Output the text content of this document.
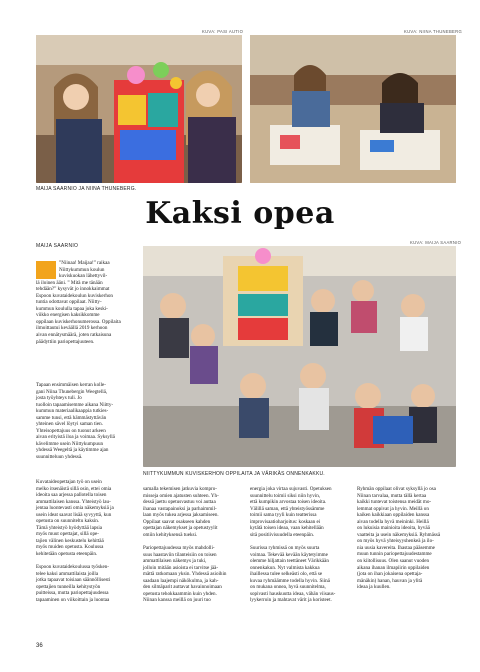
KUVA: PASI AUTIO
MAIJA SAARNIO JA NIINA THUNEBERG.
KUVA: NIINA THUNEBERG
Kaksi opea
MAIJA SAARNIO
KUVA: MAIJA SAARNIO
NIITTYKUMMUN KUVISKERHON OPPILAITA JA VÄRIKÄS ONNENKAKKU.

”Niinaa! Maijaa!” raikaa
Niittykummun koulun
kuviskuokan lähettyvil-
lä iloinen ääni. ” Mitä me tänään
tehdään?” kysyvät jo innokkaimmat
Espoon kuvataidekoulun kuviskerhon
tuntia odottavat oppilaat. Niitty-
kummun koululla tapaa joka keski-
viikko energisen kaksikkomme
oppilaan kuviskerhonumerossa. Oppilaita
ilmoittautui keväällä 2019 kerhoon
aivan ennätysmäärä, joten ratkaisuna
päädyttiin pariopettajuuteen.

Tapaan ensimmäisen kerran kolle-
gani Niina Thunebergin Weegtellä,
josta työyhteys tuli. Jo
tuolloin tapaamisemme aikana Niitty-
kummun materiaalikaappia tutkies-
samme tunsi, että hämmästyttävän
yhteinen sävel löytyi saman tien.
Yhteisopettajuus on tuonut arkeen
aivan erityistä iloa ja voimaa. Syksyllä
kävelimme usein Niittykumpuun
yhdessä Weegeltä ja käytimme ajan
suunnitteluun yhdessä.

Kuvataideopettajan työ on usein
melko itsenäistä sillä osin, ettei omia
ideoita saa arjessa pallotella toisen
ammattilaisen kanssa. Yhteistyö lau-
jentaa luontevasti omia näkemyksiä ja
usein ideat saavat lisää syvyyttä, kun
opetusta on suunniteltu kaksin.
Tämä yhteistyö hyödyttää lapsia
myös muut opettajat, sillä ope-
tajien välinen keskustelu kehittää
myös muiden opetusta. Koulussa
kehitetään opetusta eteenpäin.

Espoon kuvataidekoulussa työsken-
telee kaksi ammattilaista joilla
jotka tapaavat toisiaan säännöllisesti
opettajien tunneilla kehitystyön
puitteissa, mutta pariopettajuudessa
tapaaminen on viikoittain ja luontaa

samalla tekemisen jatkuvia kompro-
misseja omien ajatusten suhteen. Yh-
dessä jaettu opetusvastuu voi auttaa
ihanaa vastapainoksi ja parhaimmil-
laan myös tukea arjessa jaksamiseen.
Oppilaat saavat osakseen kahden
opettajan näkemykset ja opetustyylit
omiin kehityksensä tueksi.

Pariopettajuudessa myös mahdolli-
suus haastaviin tilanteisiin on toisen
ammattilaisen näkemys ja tuki,
jolloin mitään asioista ei tarvitse jää-
mättä ratkomaan yksin. Yhdessä asioihin
saadaan laajempi näkökulma, ja kah-
den silmäparit auttavat havainnoimaan
opetusta tehokkaammin kuin yhden.
Niinan kanssa meillä on juuri tuo

energia joka virtaa sujuvasti. Opetuksen
suunnittelu toimii siksi niin hyvin,
että kumpikin arvostaa toisen ideoita.
Välillä saman, että yhteistyössämme
toimii sama tyyli kuin teatterissa
improvisaatioharjoitus: koskaan ei
kytätä toisen ideaa, vaan kehitellään
sitä positiivisuudella eteenpäin.

Suurissa ryhmissä on myös suurta
voimaa. Tekevää kevään käytetyimme
olemme hiljattain teettäneet Värikkään
onnenkakun. Nyt valmista kakkua
ihaillessa tulee selkeästi olo, että se
kuvaa ryhmäämme todella hyvin. Siinä
on mukana onnea, hyvä suunnitelma,
sopivasti hauskuutta ideaa, vähän viisaus-
lyykerroin ja mahtavat värit ja koristeet.

Ryhmän oppilaat olivat syksyllä jo osa
Niinan tarvalaa, mutta tällä kertaa
kaikki tuntevat toistensa meidät mo-
lemmat oppivat ja hyvin. Meillä on
kaiken kaikkiaan oppilaiden kanssa
aivan todella hyvä meininki. Heillä
on lukuisia mainioita ideoita, hyvää
vaatteita ja usein näkemyksiä. Ryhmässä
on myös hyvä yhteisyyshenkeä ja ilo-
nia uusia kavereita. Ihastaa pääsemme
muun tunnin pariopettajuudestamme
on kiitollisuus. Olen saanut vuoden
aikana ihanan ilmapiirin oppilaiden
(jota on ihan jokaisena opettaja-
mänäkin) hanan, hauvan ja ylitä
ideaa ja kuullen.

36
